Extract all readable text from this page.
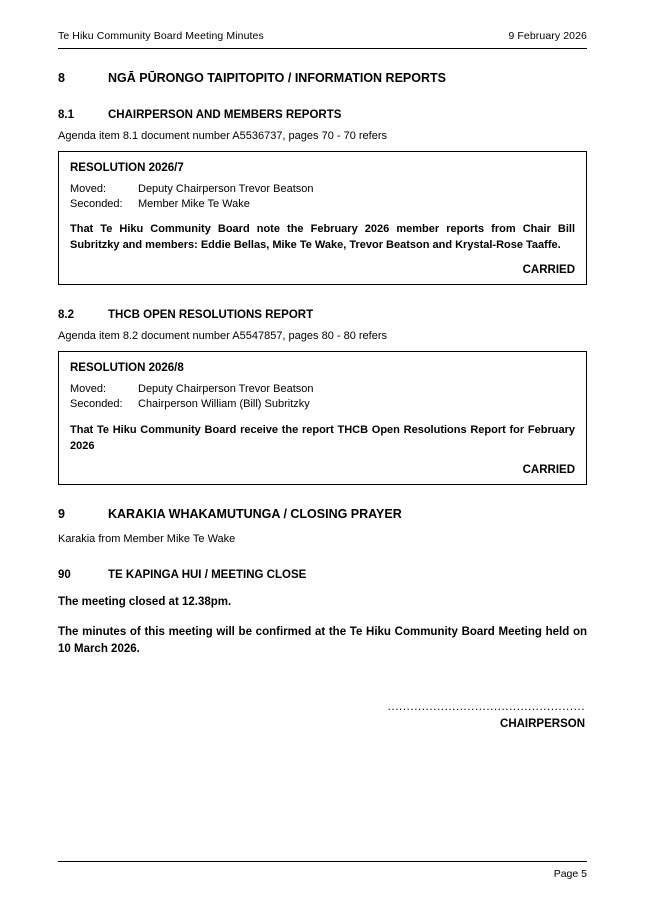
Te Hiku Community Board Meeting Minutes	9 February 2026
8	NGĀ PŪRONGO TAIPITOPITO / INFORMATION REPORTS
8.1	CHAIRPERSON AND MEMBERS REPORTS
Agenda item 8.1 document number A5536737, pages 70 - 70 refers
RESOLUTION 2026/7
Moved:	Deputy Chairperson Trevor Beatson
Seconded:	Member Mike Te Wake
That Te Hiku Community Board note the February 2026 member reports from Chair Bill Subritzky and members: Eddie Bellas, Mike Te Wake, Trevor Beatson and Krystal-Rose Taaffe.
CARRIED
8.2	THCB OPEN RESOLUTIONS REPORT
Agenda item 8.2 document number A5547857, pages 80 - 80 refers
RESOLUTION 2026/8
Moved:	Deputy Chairperson Trevor Beatson
Seconded:	Chairperson William (Bill) Subritzky
That Te Hiku Community Board receive the report THCB Open Resolutions Report for February 2026
CARRIED
9	KARAKIA WHAKAMUTUNGA / CLOSING PRAYER
Karakia from Member Mike Te Wake
90	TE KAPINGA HUI / MEETING CLOSE
The meeting closed at 12.38pm.
The minutes of this meeting will be confirmed at the Te Hiku Community Board Meeting held on 10 March 2026.
....................................................
CHAIRPERSON
Page 5
